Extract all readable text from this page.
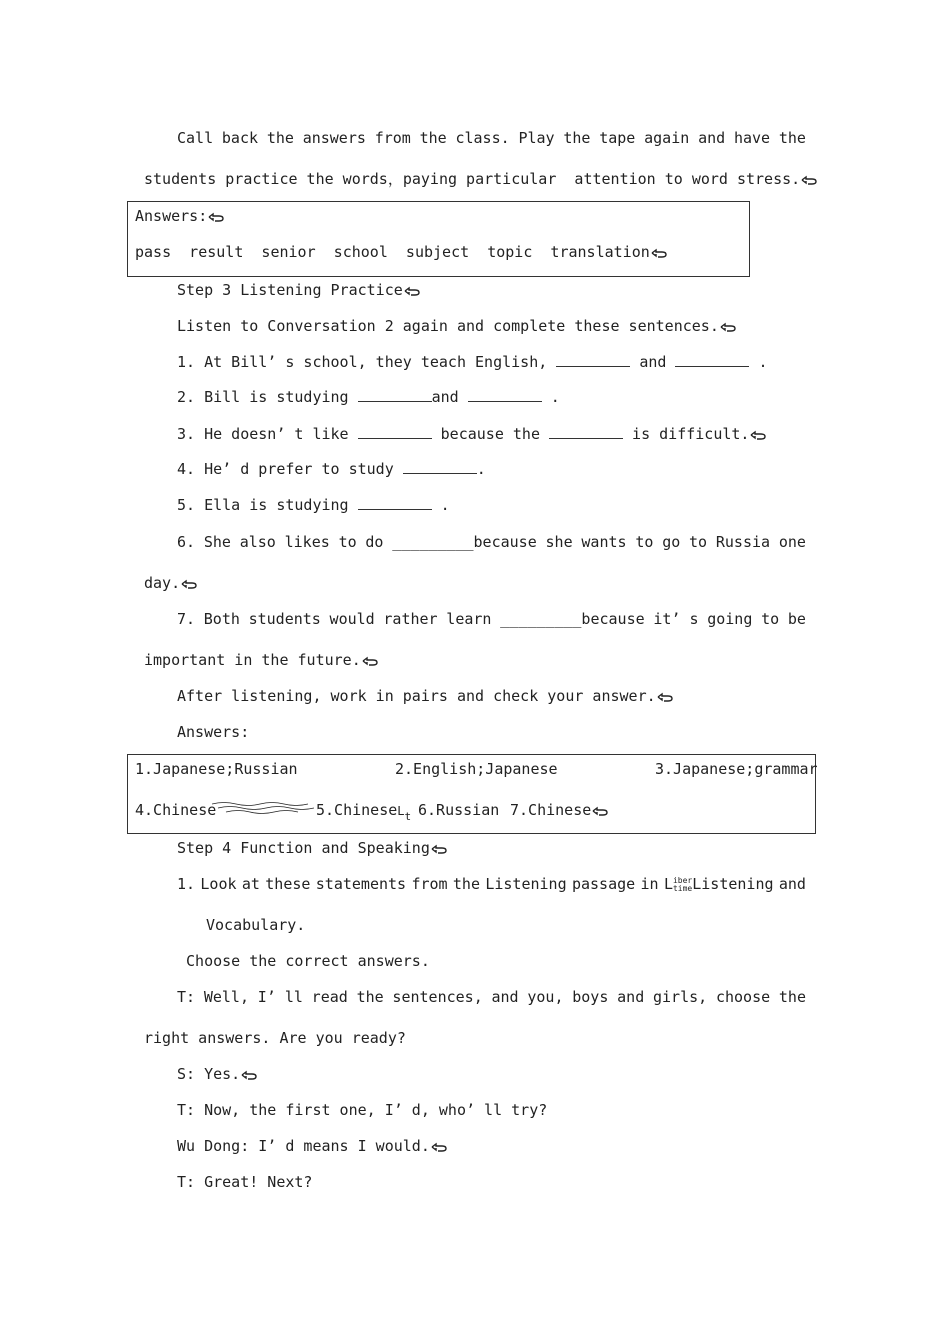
Call back the answers from the class. Play the tape again and have the
students practice the words，paying particular  attention to word stress.
Answers:
pass  result  senior  school  subject  topic  translation
Step 3 Listening Practice
Listen to Conversation 2 again and complete these sentences.
1. At Bill’ s school, they teach English,	and	.
2. Bill is studying	and	.
3. He doesn’ t like	because the	is difficult.
4. He’ d prefer to study	.
5. Ella is studying	.
6. She also likes to do _________because she wants to go to Russia one
day.
7. Both students would rather learn _________because it’ s going to be
important in the future.
After listening, work in pairs and check your answer.
Answers:
1.Japanese;Russian	2.English;Japanese	3.Japanese;grammar
4.Chinese	5.ChineseL$_t$ 6.Russian 7.Chinese
Step 4 Function and Speaking
1. Look at these statements from the Listening passage in L iber
time Listening and
Vocabulary.
Choose the correct answers.
T: Well, I’ ll read the sentences, and you, boys and girls, choose the
right answers. Are you ready?
S: Yes.
T: Now, the first one, I’ d, who’ ll try?
Wu Dong: I’ d means I would.
T: Great! Next?
